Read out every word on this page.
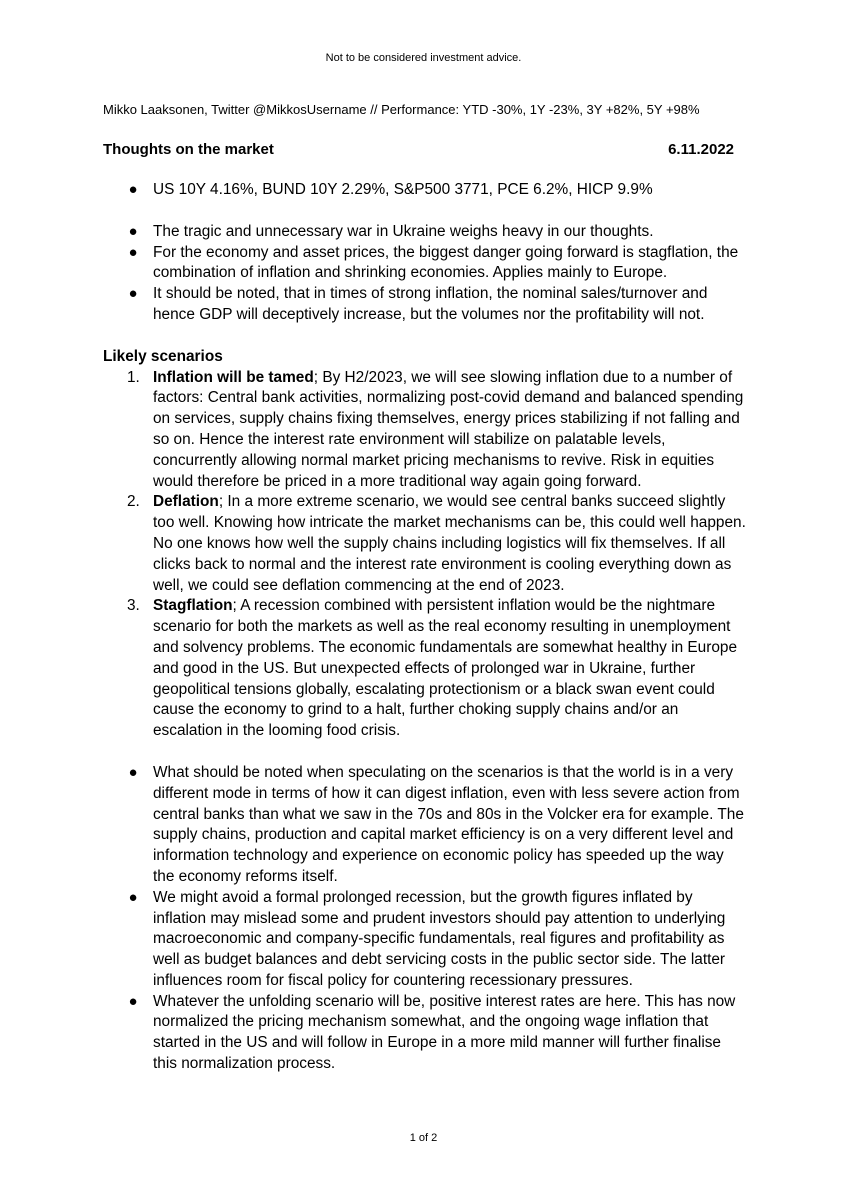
Not to be considered investment advice.
Mikko Laaksonen, Twitter @MikkosUsername // Performance: YTD -30%, 1Y -23%, 3Y +82%, 5Y +98%
Thoughts on the market	6.11.2022
● US 10Y 4.16%, BUND 10Y 2.29%, S&P500 3771, PCE 6.2%, HICP 9.9%
● The tragic and unnecessary war in Ukraine weighs heavy in our thoughts.
● For the economy and asset prices, the biggest danger going forward is stagflation, the combination of inflation and shrinking economies. Applies mainly to Europe.
● It should be noted, that in times of strong inflation, the nominal sales/turnover and hence GDP will deceptively increase, but the volumes nor the profitability will not.
Likely scenarios
1. Inflation will be tamed; By H2/2023, we will see slowing inflation due to a number of factors: Central bank activities, normalizing post-covid demand and balanced spending on services, supply chains fixing themselves, energy prices stabilizing if not falling and so on. Hence the interest rate environment will stabilize on palatable levels, concurrently allowing normal market pricing mechanisms to revive. Risk in equities would therefore be priced in a more traditional way again going forward.
2. Deflation; In a more extreme scenario, we would see central banks succeed slightly too well. Knowing how intricate the market mechanisms can be, this could well happen. No one knows how well the supply chains including logistics will fix themselves. If all clicks back to normal and the interest rate environment is cooling everything down as well, we could see deflation commencing at the end of 2023.
3. Stagflation; A recession combined with persistent inflation would be the nightmare scenario for both the markets as well as the real economy resulting in unemployment and solvency problems. The economic fundamentals are somewhat healthy in Europe and good in the US. But unexpected effects of prolonged war in Ukraine, further geopolitical tensions globally, escalating protectionism or a black swan event could cause the economy to grind to a halt, further choking supply chains and/or an escalation in the looming food crisis.
● What should be noted when speculating on the scenarios is that the world is in a very different mode in terms of how it can digest inflation, even with less severe action from central banks than what we saw in the 70s and 80s in the Volcker era for example. The supply chains, production and capital market efficiency is on a very different level and information technology and experience on economic policy has speeded up the way the economy reforms itself.
● We might avoid a formal prolonged recession, but the growth figures inflated by inflation may mislead some and prudent investors should pay attention to underlying macroeconomic and company-specific fundamentals, real figures and profitability as well as budget balances and debt servicing costs in the public sector side. The latter influences room for fiscal policy for countering recessionary pressures.
● Whatever the unfolding scenario will be, positive interest rates are here. This has now normalized the pricing mechanism somewhat, and the ongoing wage inflation that started in the US and will follow in Europe in a more mild manner will further finalise this normalization process.
1 of 2
